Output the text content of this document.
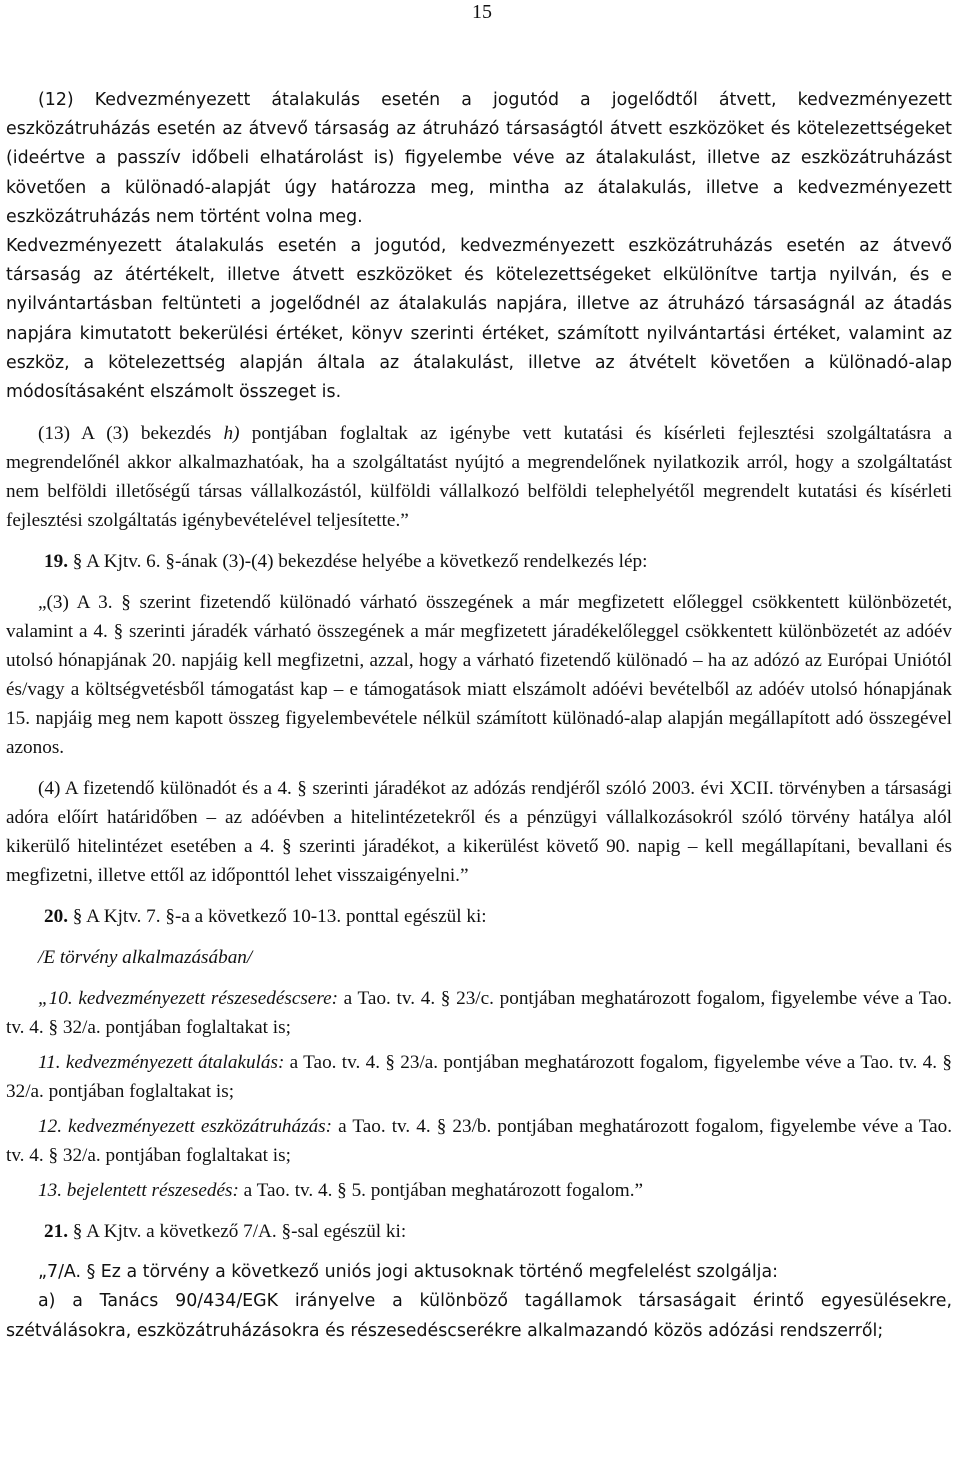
15

(12) Kedvezményezett átalakulás esetén a jogutód a jogelődtől átvett, kedvezményezett eszközátruházás esetén az átvevő társaság az átruházó társaságtól átvett eszközöket és kötelezettségeket (ideértve a passzív időbeli elhatárolást is) figyelembe véve az átalakulást, illetve az eszközátruházást követően a különadó-alapját úgy határozza meg, mintha az átalakulás, illetve a kedvezményezett eszközátruházás nem történt volna meg.

Kedvezményezett átalakulás esetén a jogutód, kedvezményezett eszközátruházás esetén az átvevő társaság az átértékelt, illetve átvett eszközöket és kötelezettségeket elkülönítve tartja nyilván, és e nyilvántartásban feltünteti a jogelődnél az átalakulás napjára, illetve az átruházó társaságnál az átadás napjára kimutatott bekerülési értéket, könyv szerinti értéket, számított nyilvántartási értéket, valamint az eszköz, a kötelezettség alapján általa az átalakulást, illetve az átvételt követően a különadó-alap módosításaként elszámolt összeget is.

(13) A (3) bekezdés h) pontjában foglaltak az igénybe vett kutatási és kísérleti fejlesztési szolgáltatásra a megrendelőnél akkor alkalmazhatóak, ha a szolgáltatást nyújtó a megrendelőnek nyilatkozik arról, hogy a szolgáltatást nem belföldi illetőségű társas vállalkozástól, külföldi vállalkozó belföldi telephelyétől megrendelt kutatási és kísérleti fejlesztési szolgáltatás igénybevételével teljesítette.”

19. § A Kjtv. 6. §-ának (3)-(4) bekezdése helyébe a következő rendelkezés lép:

„(3) A 3. § szerint fizetendő különadó várható összegének a már megfizetett előleggel csökkentett különbözetét, valamint a 4. § szerinti járadék várható összegének a már megfizetett járadékelőleggel csökkentett különbözetét az adóév utolsó hónapjának 20. napjáig kell megfizetni, azzal, hogy a várható fizetendő különadó – ha az adózó az Európai Uniótól és/vagy a költségvetésből támogatást kap – e támogatások miatt elszámolt adóévi bevételből az adóév utolsó hónapjának 15. napjáig meg nem kapott összeg figyelembevétele nélkül számított különadó-alap alapján megállapított adó összegével azonos.

(4) A fizetendő különadót és a 4. § szerinti járadékot az adózás rendjéről szóló 2003. évi XCII. törvényben a társasági adóra előírt határidőben – az adóévben a hitelintézetekről és a pénzügyi vállalkozásokról szóló törvény hatálya alól kikerülő hitelintézet esetében a 4. § szerinti járadékot, a kikerülést követő 90. napig – kell megállapítani, bevallani és megfizetni, illetve ettől az időponttól lehet visszaigényelni.”

20. § A Kjtv. 7. §-a a következő 10-13. ponttal egészül ki:

/E törvény alkalmazásában/

„10. kedvezményezett részesedéscsere: a Tao. tv. 4. § 23/c. pontjában meghatározott fogalom, figyelembe véve a Tao. tv. 4. § 32/a. pontjában foglaltakat is;

11. kedvezményezett átalakulás: a Tao. tv. 4. § 23/a. pontjában meghatározott fogalom, figyelembe véve a Tao. tv. 4. § 32/a. pontjában foglaltakat is;

12. kedvezményezett eszközátruházás: a Tao. tv. 4. § 23/b. pontjában meghatározott fogalom, figyelembe véve a Tao. tv. 4. § 32/a. pontjában foglaltakat is;

13. bejelentett részesedés: a Tao. tv. 4. § 5. pontjában meghatározott fogalom.”

21. § A Kjtv. a következő 7/A. §-sal egészül ki:

„7/A. § Ez a törvény a következő uniós jogi aktusoknak történő megfelelést szolgálja:

a) a Tanács 90/434/EGK irányelve a különböző tagállamok társaságait érintő egyesülésekre, szétválásokra, eszközátruházásokra és részesedéscserékre alkalmazandó közös adózási rendszerről;
